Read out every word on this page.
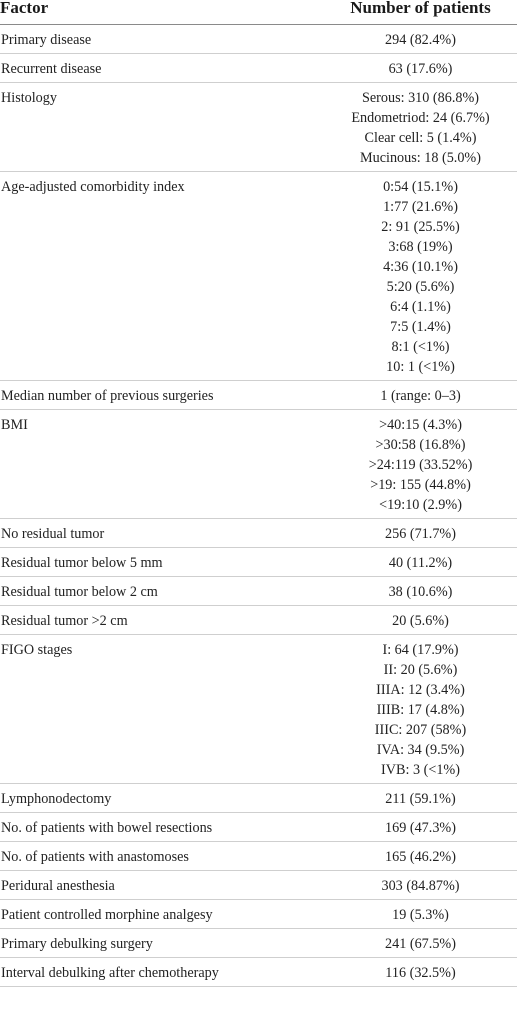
Factor	Number of patients
Primary disease	294 (82.4%)
Recurrent disease	63 (17.6%)
Histology	Serous: 310 (86.8%)
Endometriod: 24 (6.7%)
Clear cell: 5 (1.4%)
Mucinous: 18 (5.0%)
Age-adjusted comorbidity index	0:54 (15.1%)
1:77 (21.6%)
2: 91 (25.5%)
3:68 (19%)
4:36 (10.1%)
5:20 (5.6%)
6:4 (1.1%)
7:5 (1.4%)
8:1 (<1%)
10: 1 (<1%)
Median number of previous surgeries	1 (range: 0–3)
BMI	>40:15 (4.3%)
>30:58 (16.8%)
>24:119 (33.52%)
>19: 155 (44.8%)
<19:10 (2.9%)
No residual tumor	256 (71.7%)
Residual tumor below 5 mm	40 (11.2%)
Residual tumor below 2 cm	38 (10.6%)
Residual tumor >2 cm	20 (5.6%)
FIGO stages	I: 64 (17.9%)
II: 20 (5.6%)
IIIA: 12 (3.4%)
IIIB: 17 (4.8%)
IIIC: 207 (58%)
IVA: 34 (9.5%)
IVB: 3 (<1%)
Lymphonodectomy	211 (59.1%)
No. of patients with bowel resections	169 (47.3%)
No. of patients with anastomoses	165 (46.2%)
Peridural anesthesia	303 (84.87%)
Patient controlled morphine analgesy	19 (5.3%)
Primary debulking surgery	241 (67.5%)
Interval debulking after chemotherapy	116 (32.5%)
